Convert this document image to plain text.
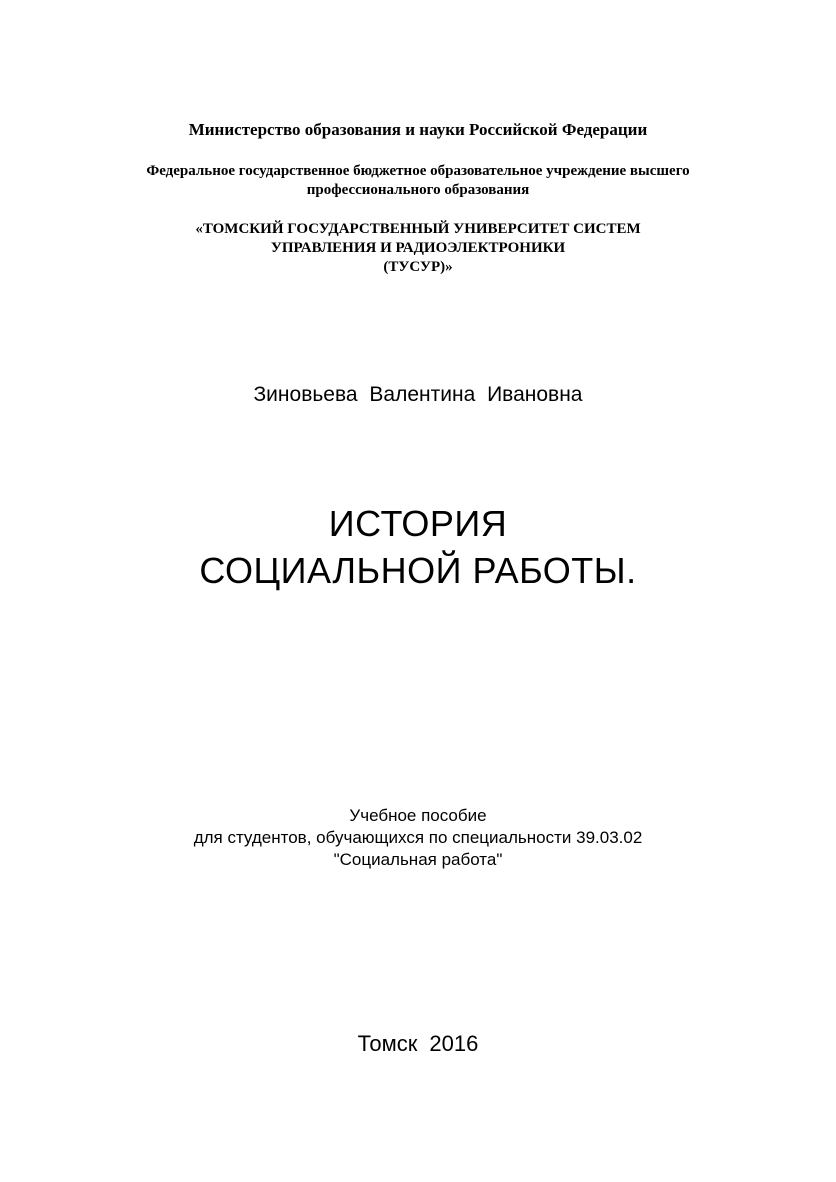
Министерство образования и науки Российской Федерации
Федеральное государственное бюджетное образовательное учреждение высшего
профессионального образования
«ТОМСКИЙ ГОСУДАРСТВЕННЫЙ УНИВЕРСИТЕТ СИСТЕМ
УПРАВЛЕНИЯ И РАДИОЭЛЕКТРОНИКИ
(ТУСУР)»
Зиновьева Валентина Ивановна
ИСТОРИЯ
СОЦИАЛЬНОЙ РАБОТЫ.
Учебное пособие
для студентов, обучающихся по специальности 39.03.02
"Социальная работа"
Томск 2016
